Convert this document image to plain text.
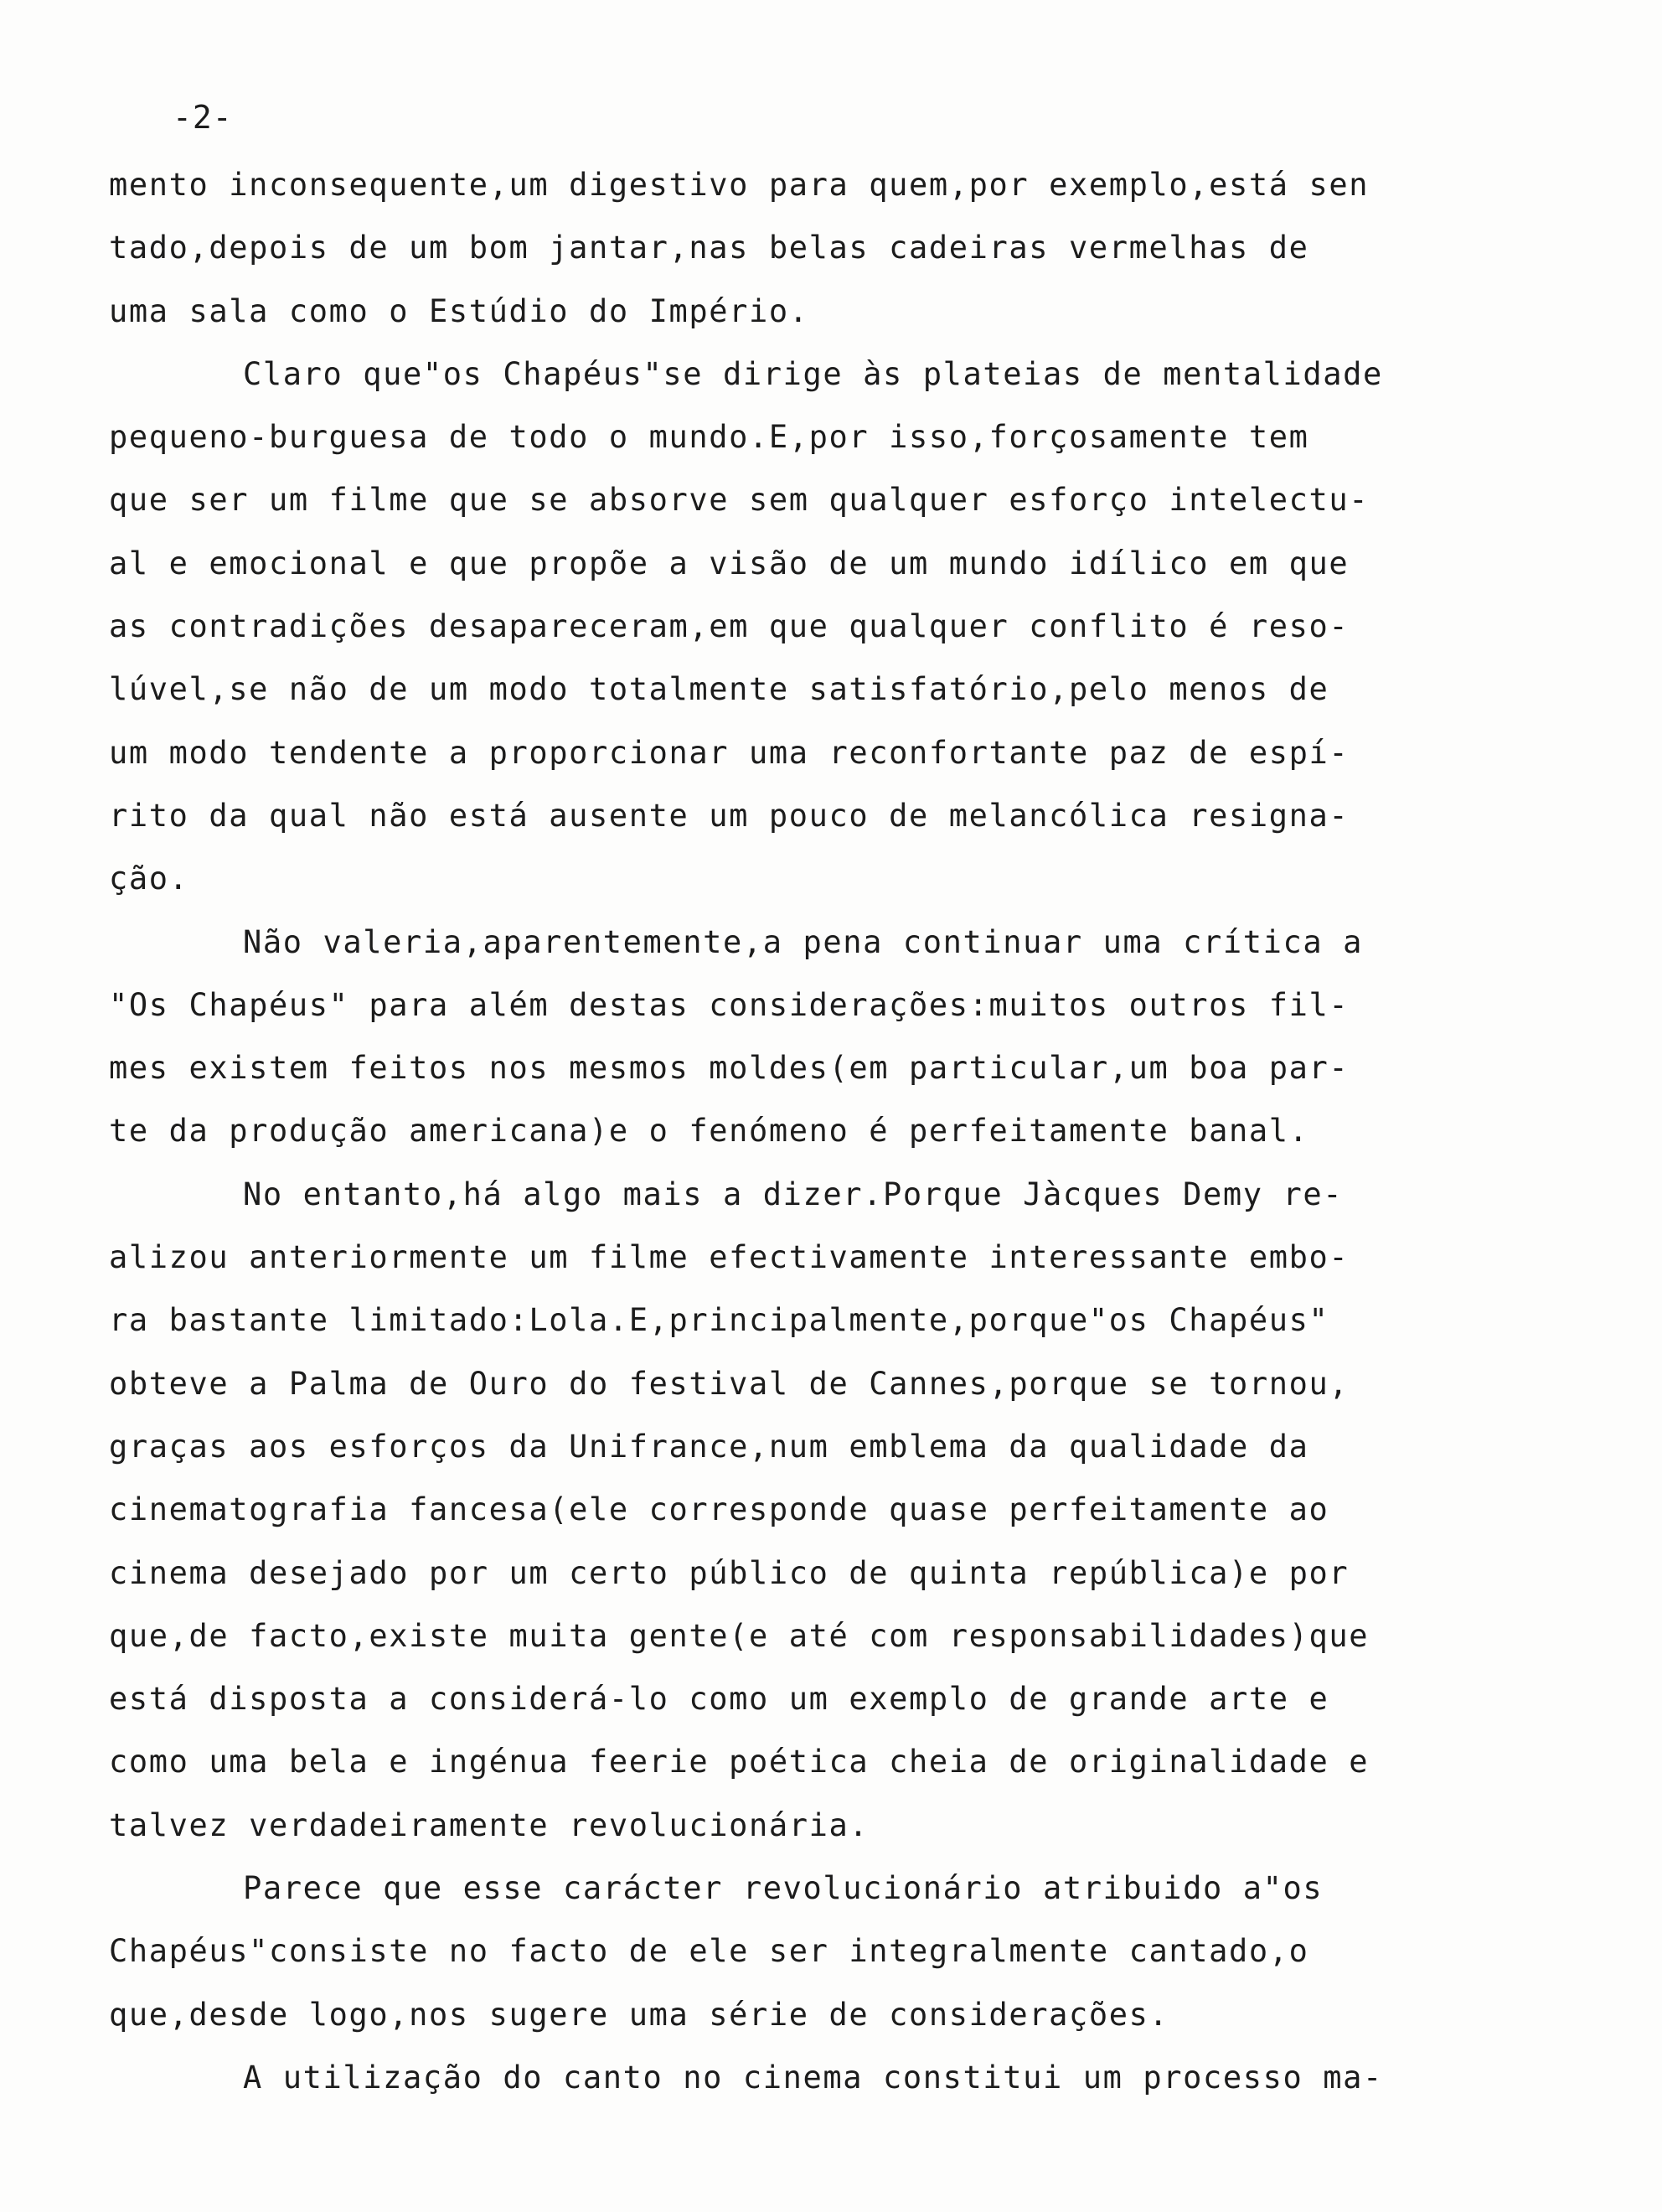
-2-
mento inconsequente,um digestivo para quem,por exemplo,está sen
tado,depois de um bom jantar,nas belas cadeiras vermelhas de
uma sala como o Estúdio do Império.
Claro que"os Chapéus"se dirige às plateias de mentalidade
pequeno-burguesa de todo o mundo.E,por isso,forçosamente tem
que ser um filme que se absorve sem qualquer esforço intelectu-
al e emocional e que propõe a visão de um mundo idílico em que
as contradições desapareceram,em que qualquer conflito é reso-
lúvel,se não de um modo totalmente satisfatório,pelo menos de
um modo tendente a proporcionar uma reconfortante paz de espí-
rito da qual não está ausente um pouco de melancólica resigna-
ção.
Não valeria,aparentemente,a pena continuar uma crítica a
"Os Chapéus" para além destas considerações:muitos outros fil-
mes existem feitos nos mesmos moldes(em particular,um boa par-
te da produção americana)e o fenómeno é perfeitamente banal.
No entanto,há algo mais a dizer.Porque Jàcques Demy re-
alizou anteriormente um filme efectivamente interessante embo-
ra bastante limitado:Lola.E,principalmente,porque"os Chapéus"
obteve a Palma de Ouro do festival de Cannes,porque se tornou,
graças aos esforços da Unifrance,num emblema da qualidade da
cinematografia fancesa(ele corresponde quase perfeitamente ao
cinema desejado por um certo público de quinta república)e por
que,de facto,existe muita gente(e até com responsabilidades)que
está disposta a considerá-lo como um exemplo de grande arte e
como uma bela e ingénua feerie poética cheia de originalidade e
talvez verdadeiramente revolucionária.
Parece que esse carácter revolucionário atribuido a"os
Chapéus"consiste no facto de ele ser integralmente cantado,o
que,desde logo,nos sugere uma série de considerações.
A utilização do canto no cinema constitui um processo ma-
